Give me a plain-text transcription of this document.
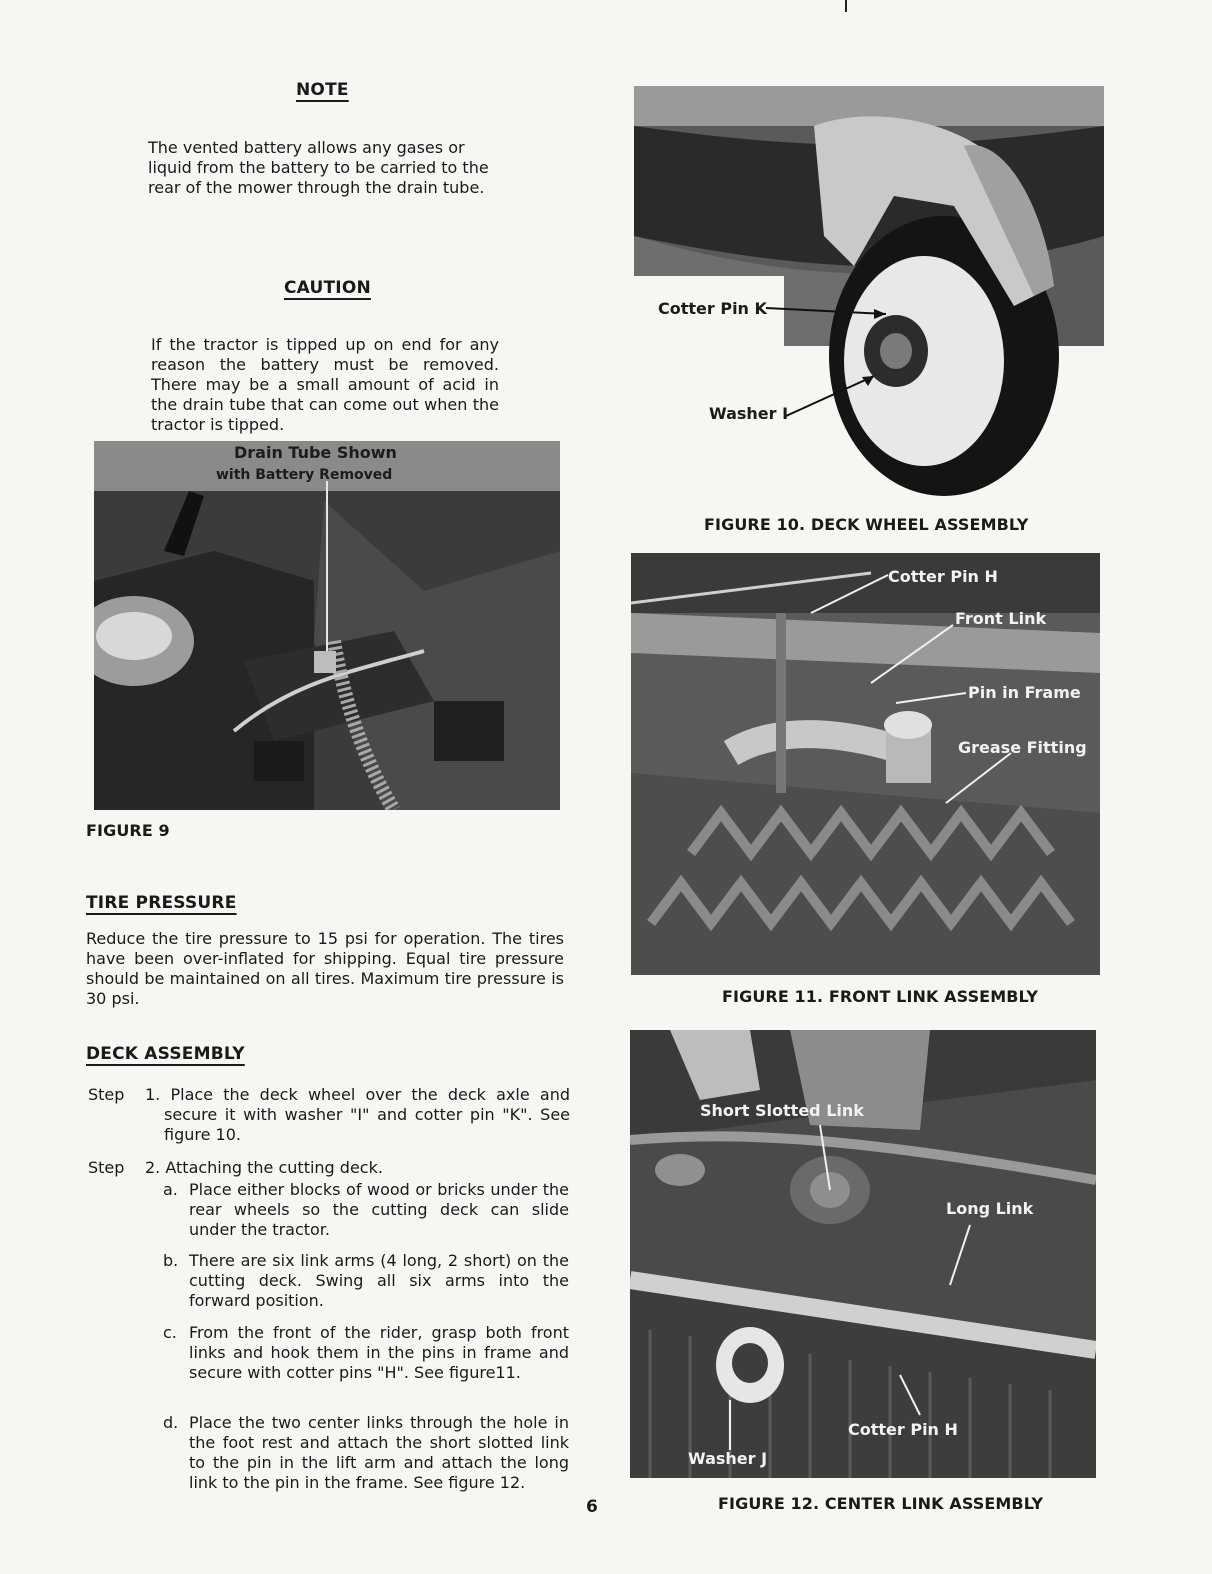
NOTE
The vented battery allows any gases or liquid from the battery to be carried to the rear of the mower through the drain tube.
CAUTION
If the tractor is tipped up on end for any reason the battery must be removed. There may be a small amount of acid in the drain tube that can come out when the tractor is tipped.
Drain Tube Shown
with Battery Removed
FIGURE 9
TIRE PRESSURE
Reduce the tire pressure to 15 psi for operation. The tires have been over-inflated for shipping. Equal tire pressure should be maintained on all tires. Maximum tire pressure is 30 psi.
DECK ASSEMBLY
Step 1. Place the deck wheel over the deck axle and secure it with washer "I" and cotter pin "K". See figure 10.
Step 2. Attaching the cutting deck.
a. Place either blocks of wood or bricks under the rear wheels so the cutting deck can slide under the tractor.
b. There are six link arms (4 long, 2 short) on the cutting deck. Swing all six arms into the forward position.
c. From the front of the rider, grasp both front links and hook them in the pins in frame and secure with cotter pins "H". See figure11.
d. Place the two center links through the hole in the foot rest and attach the short slotted link to the pin in the lift arm and attach the long link to the pin in the frame. See figure 12.
6
Cotter Pin K
Washer I
FIGURE 10. DECK WHEEL ASSEMBLY
Cotter Pin H
Front Link
Pin in Frame
Grease Fitting
FIGURE 11. FRONT LINK ASSEMBLY
Short Slotted Link
Long Link
Cotter Pin H
Washer J
FIGURE 12. CENTER LINK ASSEMBLY
